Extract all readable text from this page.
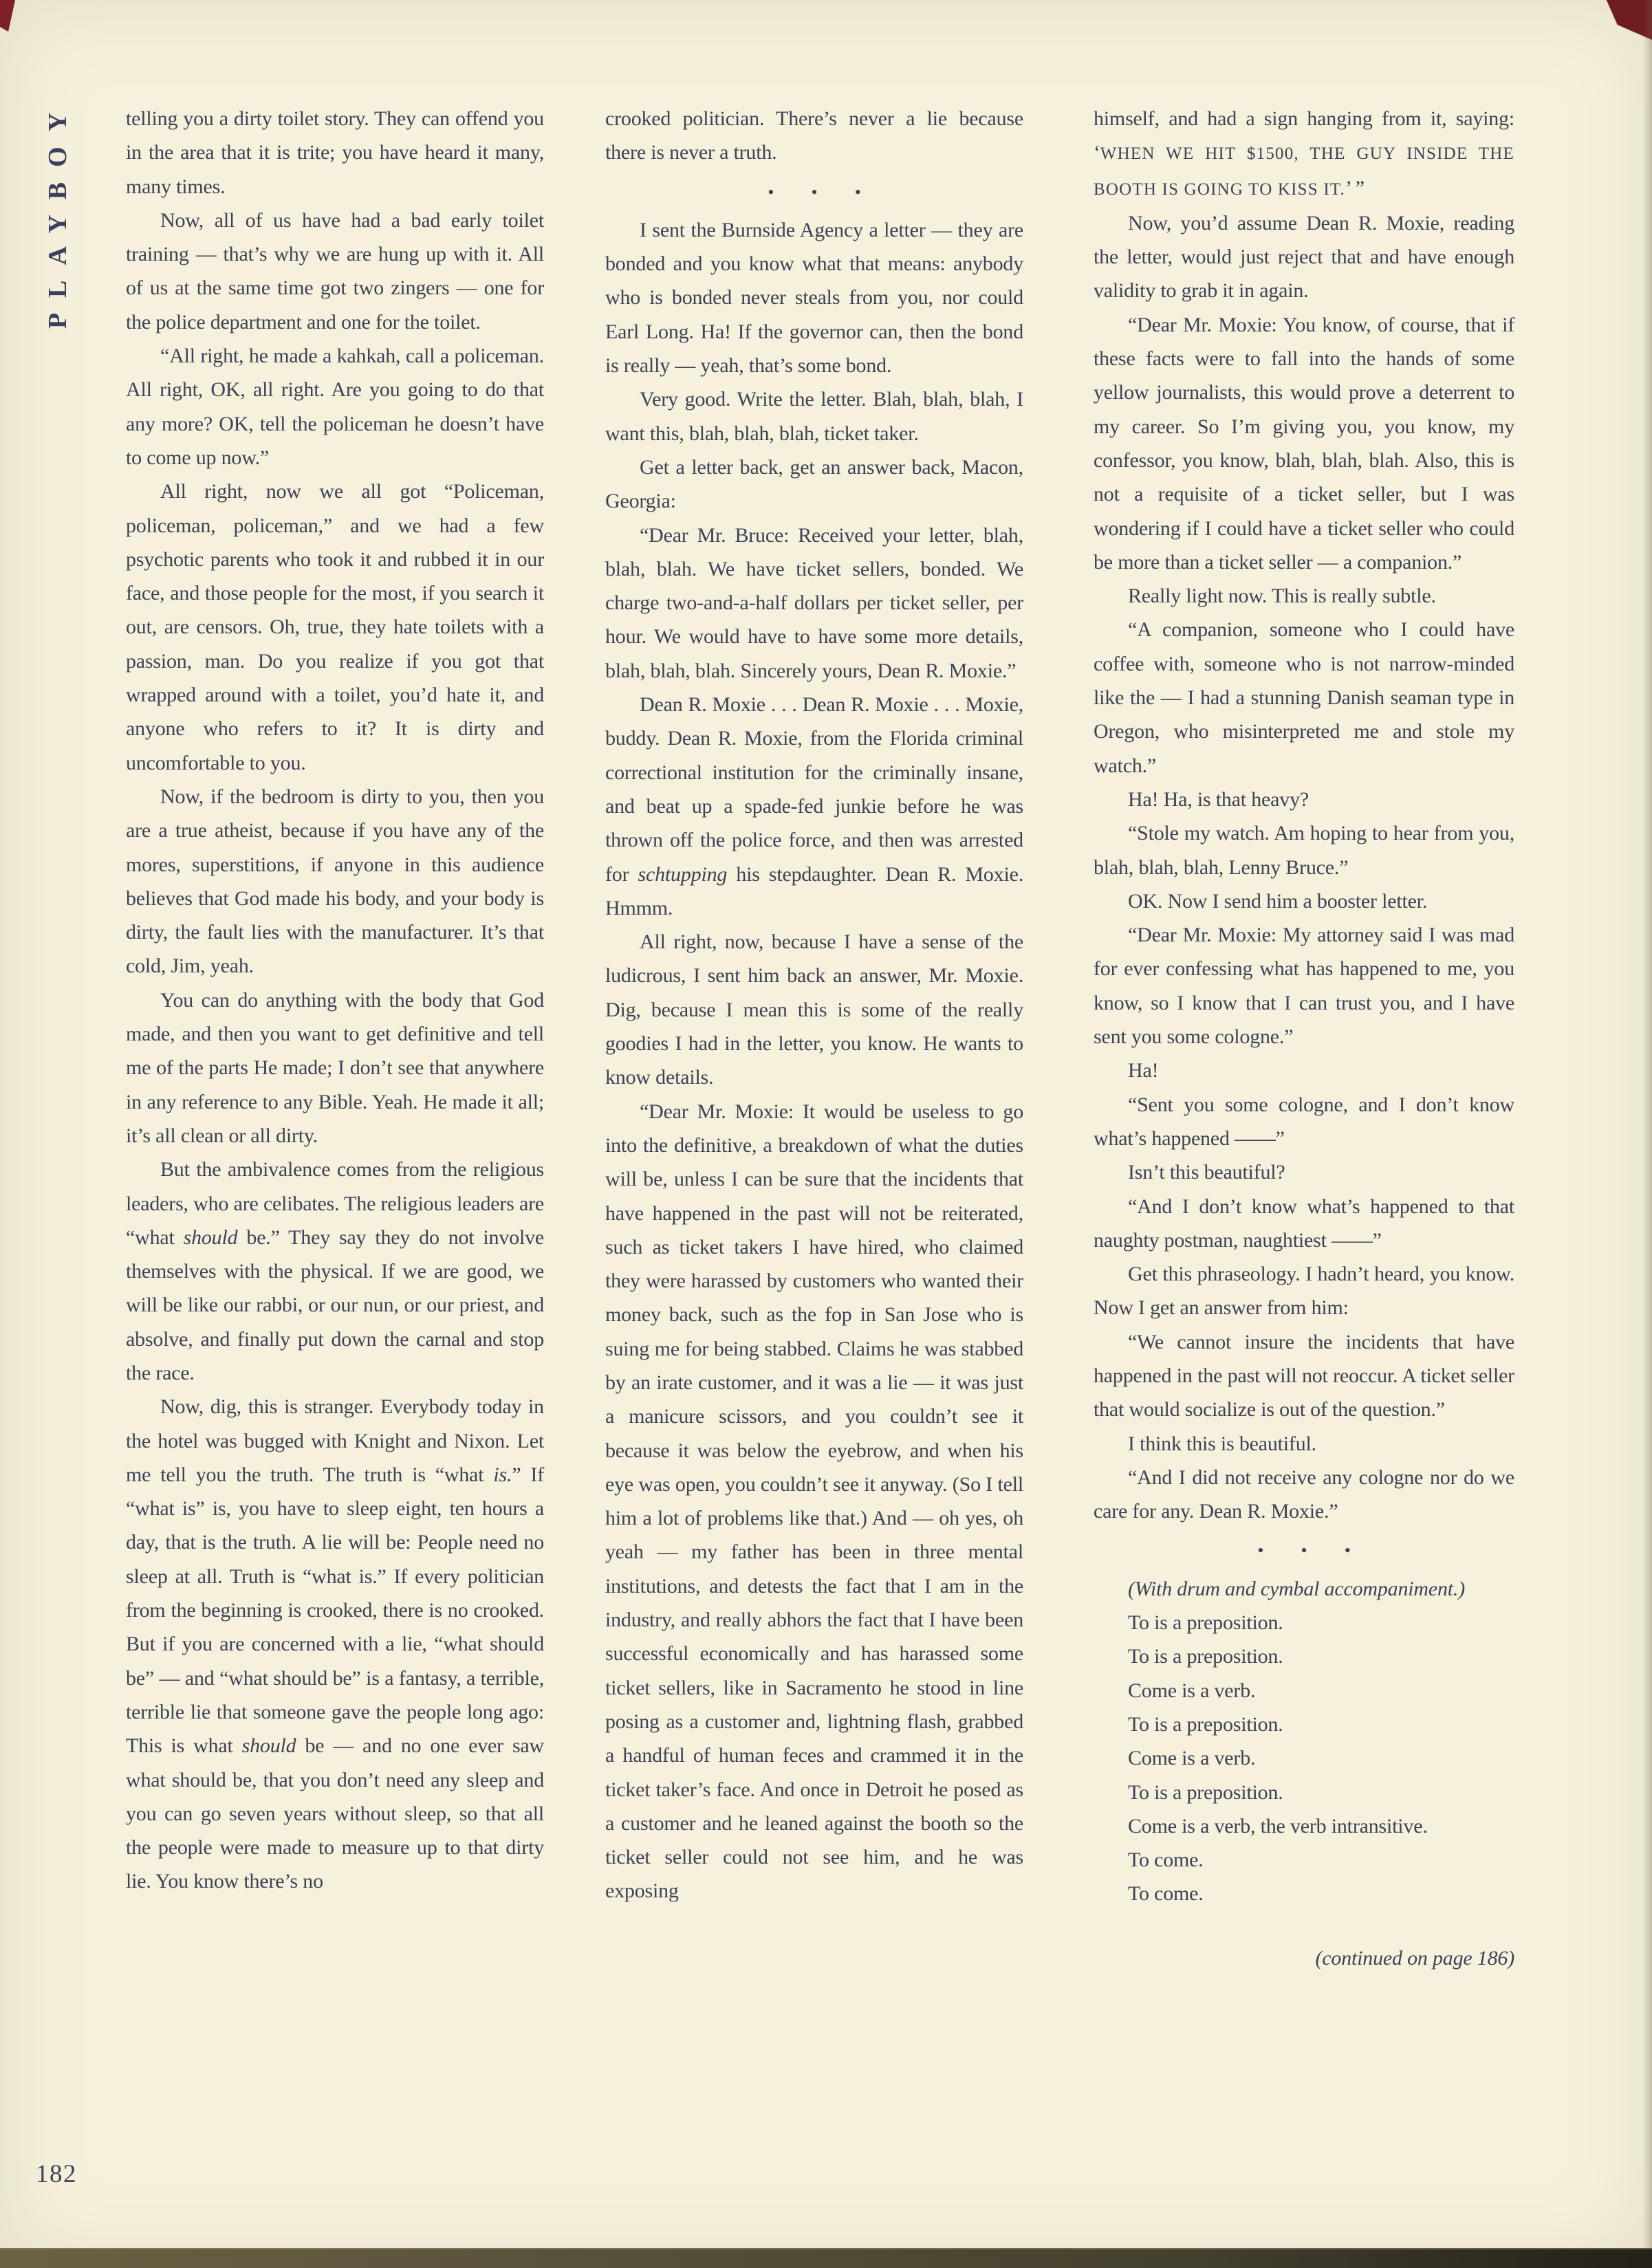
PLAYBOY
182

telling you a dirty toilet story. They can offend you in the area that it is trite; you have heard it many, many times.

Now, all of us have had a bad early toilet training — that’s why we are hung up with it. All of us at the same time got two zingers — one for the police department and one for the toilet.

“All right, he made a kahkah, call a policeman. All right, OK, all right. Are you going to do that any more? OK, tell the policeman he doesn’t have to come up now.”

All right, now we all got “Policeman, policeman, policeman,” and we had a few psychotic parents who took it and rubbed it in our face, and those people for the most, if you search it out, are censors. Oh, true, they hate toilets with a passion, man. Do you realize if you got that wrapped around with a toilet, you’d hate it, and anyone who refers to it? It is dirty and uncomfortable to you.

Now, if the bedroom is dirty to you, then you are a true atheist, because if you have any of the mores, superstitions, if anyone in this audience believes that God made his body, and your body is dirty, the fault lies with the manufacturer. It’s that cold, Jim, yeah.

You can do anything with the body that God made, and then you want to get definitive and tell me of the parts He made; I don’t see that anywhere in any reference to any Bible. Yeah. He made it all; it’s all clean or all dirty.

But the ambivalence comes from the religious leaders, who are celibates. The religious leaders are “what should be.” They say they do not involve themselves with the physical. If we are good, we will be like our rabbi, or our nun, or our priest, and absolve, and finally put down the carnal and stop the race.

Now, dig, this is stranger. Everybody today in the hotel was bugged with Knight and Nixon. Let me tell you the truth. The truth is “what is.” If “what is” is, you have to sleep eight, ten hours a day, that is the truth. A lie will be: People need no sleep at all. Truth is “what is.” If every politician from the beginning is crooked, there is no crooked. But if you are concerned with a lie, “what should be” — and “what should be” is a fantasy, a terrible, terrible lie that someone gave the people long ago: This is what should be — and no one ever saw what should be, that you don’t need any sleep and you can go seven years without sleep, so that all the people were made to measure up to that dirty lie. You know there’s no

crooked politician. There’s never a lie because there is never a truth.

• • •

I sent the Burnside Agency a letter — they are bonded and you know what that means: anybody who is bonded never steals from you, nor could Earl Long. Ha! If the governor can, then the bond is really — yeah, that’s some bond.

Very good. Write the letter. Blah, blah, blah, I want this, blah, blah, blah, ticket taker.

Get a letter back, get an answer back, Macon, Georgia:

“Dear Mr. Bruce: Received your letter, blah, blah, blah. We have ticket sellers, bonded. We charge two-and-a-half dollars per ticket seller, per hour. We would have to have some more details, blah, blah, blah. Sincerely yours, Dean R. Moxie.”

Dean R. Moxie . . . Dean R. Moxie . . . Moxie, buddy. Dean R. Moxie, from the Florida criminal correctional institution for the criminally insane, and beat up a spade-fed junkie before he was thrown off the police force, and then was arrested for schtupping his stepdaughter. Dean R. Moxie. Hmmm.

All right, now, because I have a sense of the ludicrous, I sent him back an answer, Mr. Moxie. Dig, because I mean this is some of the really goodies I had in the letter, you know. He wants to know details.

“Dear Mr. Moxie: It would be useless to go into the definitive, a breakdown of what the duties will be, unless I can be sure that the incidents that have happened in the past will not be reiterated, such as ticket takers I have hired, who claimed they were harassed by customers who wanted their money back, such as the fop in San Jose who is suing me for being stabbed. Claims he was stabbed by an irate customer, and it was a lie — it was just a manicure scissors, and you couldn’t see it because it was below the eyebrow, and when his eye was open, you couldn’t see it anyway. (So I tell him a lot of problems like that.) And — oh yes, oh yeah — my father has been in three mental institutions, and detests the fact that I am in the industry, and really abhors the fact that I have been successful economically and has harassed some ticket sellers, like in Sacramento he stood in line posing as a customer and, lightning flash, grabbed a handful of human feces and crammed it in the ticket taker’s face. And once in Detroit he posed as a customer and he leaned against the booth so the ticket seller could not see him, and he was exposing

himself, and had a sign hanging from it, saying: ‘WHEN WE HIT $1500, THE GUY INSIDE THE BOOTH IS GOING TO KISS IT.’ ”

Now, you’d assume Dean R. Moxie, reading the letter, would just reject that and have enough validity to grab it in again.

“Dear Mr. Moxie: You know, of course, that if these facts were to fall into the hands of some yellow journalists, this would prove a deterrent to my career. So I’m giving you, you know, my confessor, you know, blah, blah, blah. Also, this is not a requisite of a ticket seller, but I was wondering if I could have a ticket seller who could be more than a ticket seller — a companion.”

Really light now. This is really subtle.

“A companion, someone who I could have coffee with, someone who is not narrow-minded like the — I had a stunning Danish seaman type in Oregon, who misinterpreted me and stole my watch.”

Ha! Ha, is that heavy?

“Stole my watch. Am hoping to hear from you, blah, blah, blah, Lenny Bruce.”

OK. Now I send him a booster letter.

“Dear Mr. Moxie: My attorney said I was mad for ever confessing what has happened to me, you know, so I know that I can trust you, and I have sent you some cologne.”

Ha!

“Sent you some cologne, and I don’t know what’s happened ——”

Isn’t this beautiful?

“And I don’t know what’s happened to that naughty postman, naughtiest ——”

Get this phraseology. I hadn’t heard, you know. Now I get an answer from him:

“We cannot insure the incidents that have happened in the past will not reoccur. A ticket seller that would socialize is out of the question.”

I think this is beautiful.

“And I did not receive any cologne nor do we care for any. Dean R. Moxie.”

• • •

(With drum and cymbal accompaniment.)

To is a preposition.

To is a preposition.

Come is a verb.

To is a preposition.

Come is a verb.

To is a preposition.

Come is a verb, the verb intransitive.

To come.

To come.

(continued on page 186)
